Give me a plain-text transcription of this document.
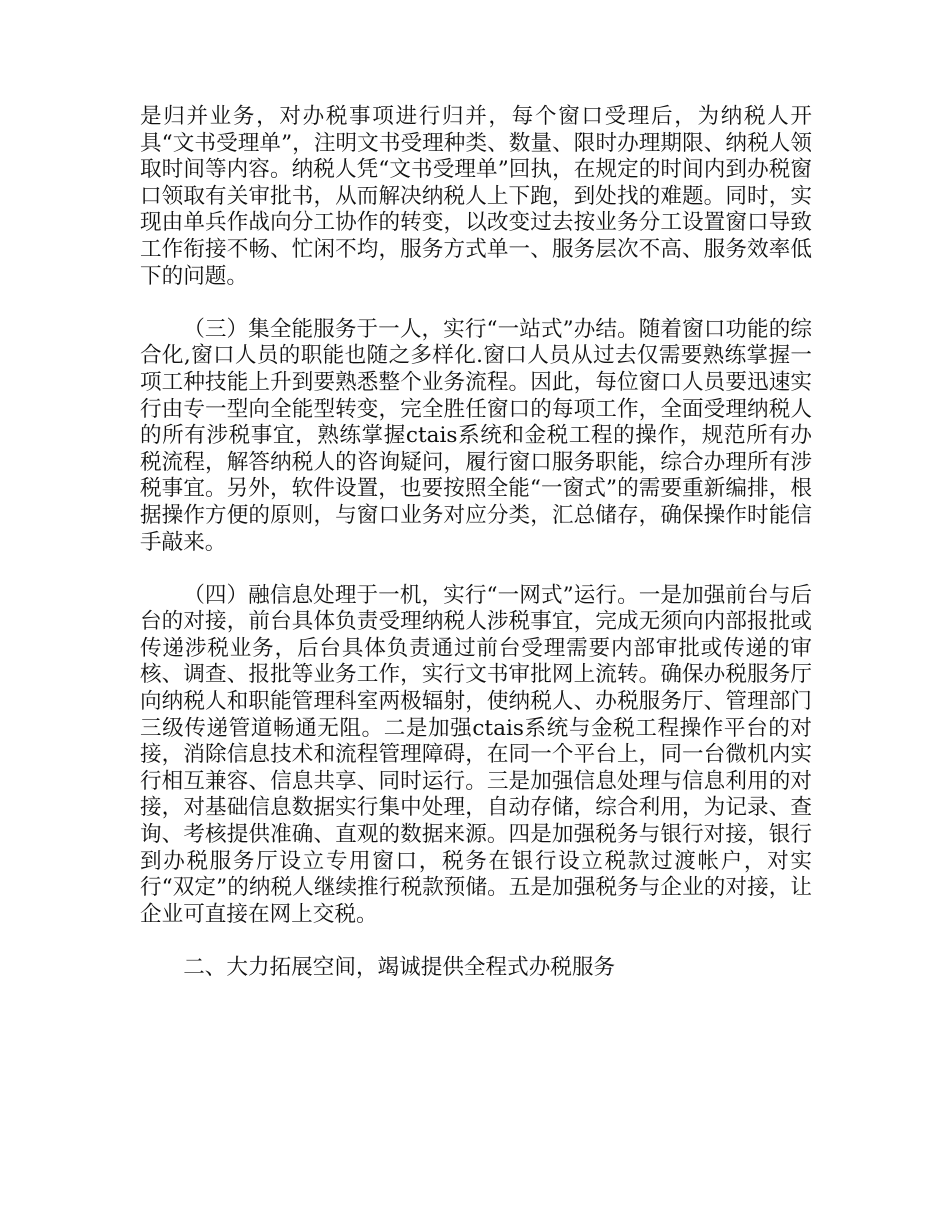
是归并业务，对办税事项进行归并，每个窗口受理后，为纳税人开具“文书受理单”，注明文书受理种类、数量、限时办理期限、纳税人领取时间等内容。纳税人凭“文书受理单”回执，在规定的时间内到办税窗口领取有关审批书，从而解决纳税人上下跑，到处找的难题。同时，实现由单兵作战向分工协作的转变，以改变过去按业务分工设置窗口导致工作衔接不畅、忙闲不均，服务方式单一、服务层次不高、服务效率低下的问题。

（三）集全能服务于一人，实行“一站式”办结。随着窗口功能的综合化,窗口人员的职能也随之多样化.窗口人员从过去仅需要熟练掌握一项工种技能上升到要熟悉整个业务流程。因此，每位窗口人员要迅速实行由专一型向全能型转变，完全胜任窗口的每项工作，全面受理纳税人的所有涉税事宜，熟练掌握ctais系统和金税工程的操作，规范所有办税流程，解答纳税人的咨询疑问，履行窗口服务职能，综合办理所有涉税事宜。另外，软件设置，也要按照全能“一窗式”的需要重新编排，根据操作方便的原则，与窗口业务对应分类，汇总储存，确保操作时能信手敲来。

（四）融信息处理于一机，实行“一网式”运行。一是加强前台与后台的对接，前台具体负责受理纳税人涉税事宜，完成无须向内部报批或传递涉税业务，后台具体负责通过前台受理需要内部审批或传递的审核、调查、报批等业务工作，实行文书审批网上流转。确保办税服务厅向纳税人和职能管理科室两极辐射，使纳税人、办税服务厅、管理部门三级传递管道畅通无阻。二是加强ctais系统与金税工程操作平台的对接，消除信息技术和流程管理障碍，在同一个平台上，同一台微机内实行相互兼容、信息共享、同时运行。三是加强信息处理与信息利用的对接，对基础信息数据实行集中处理，自动存储，综合利用，为记录、查询、考核提供准确、直观的数据来源。四是加强税务与银行对接，银行到办税服务厅设立专用窗口，税务在银行设立税款过渡帐户，对实行“双定”的纳税人继续推行税款预储。五是加强税务与企业的对接，让企业可直接在网上交税。

二、大力拓展空间，竭诚提供全程式办税服务
